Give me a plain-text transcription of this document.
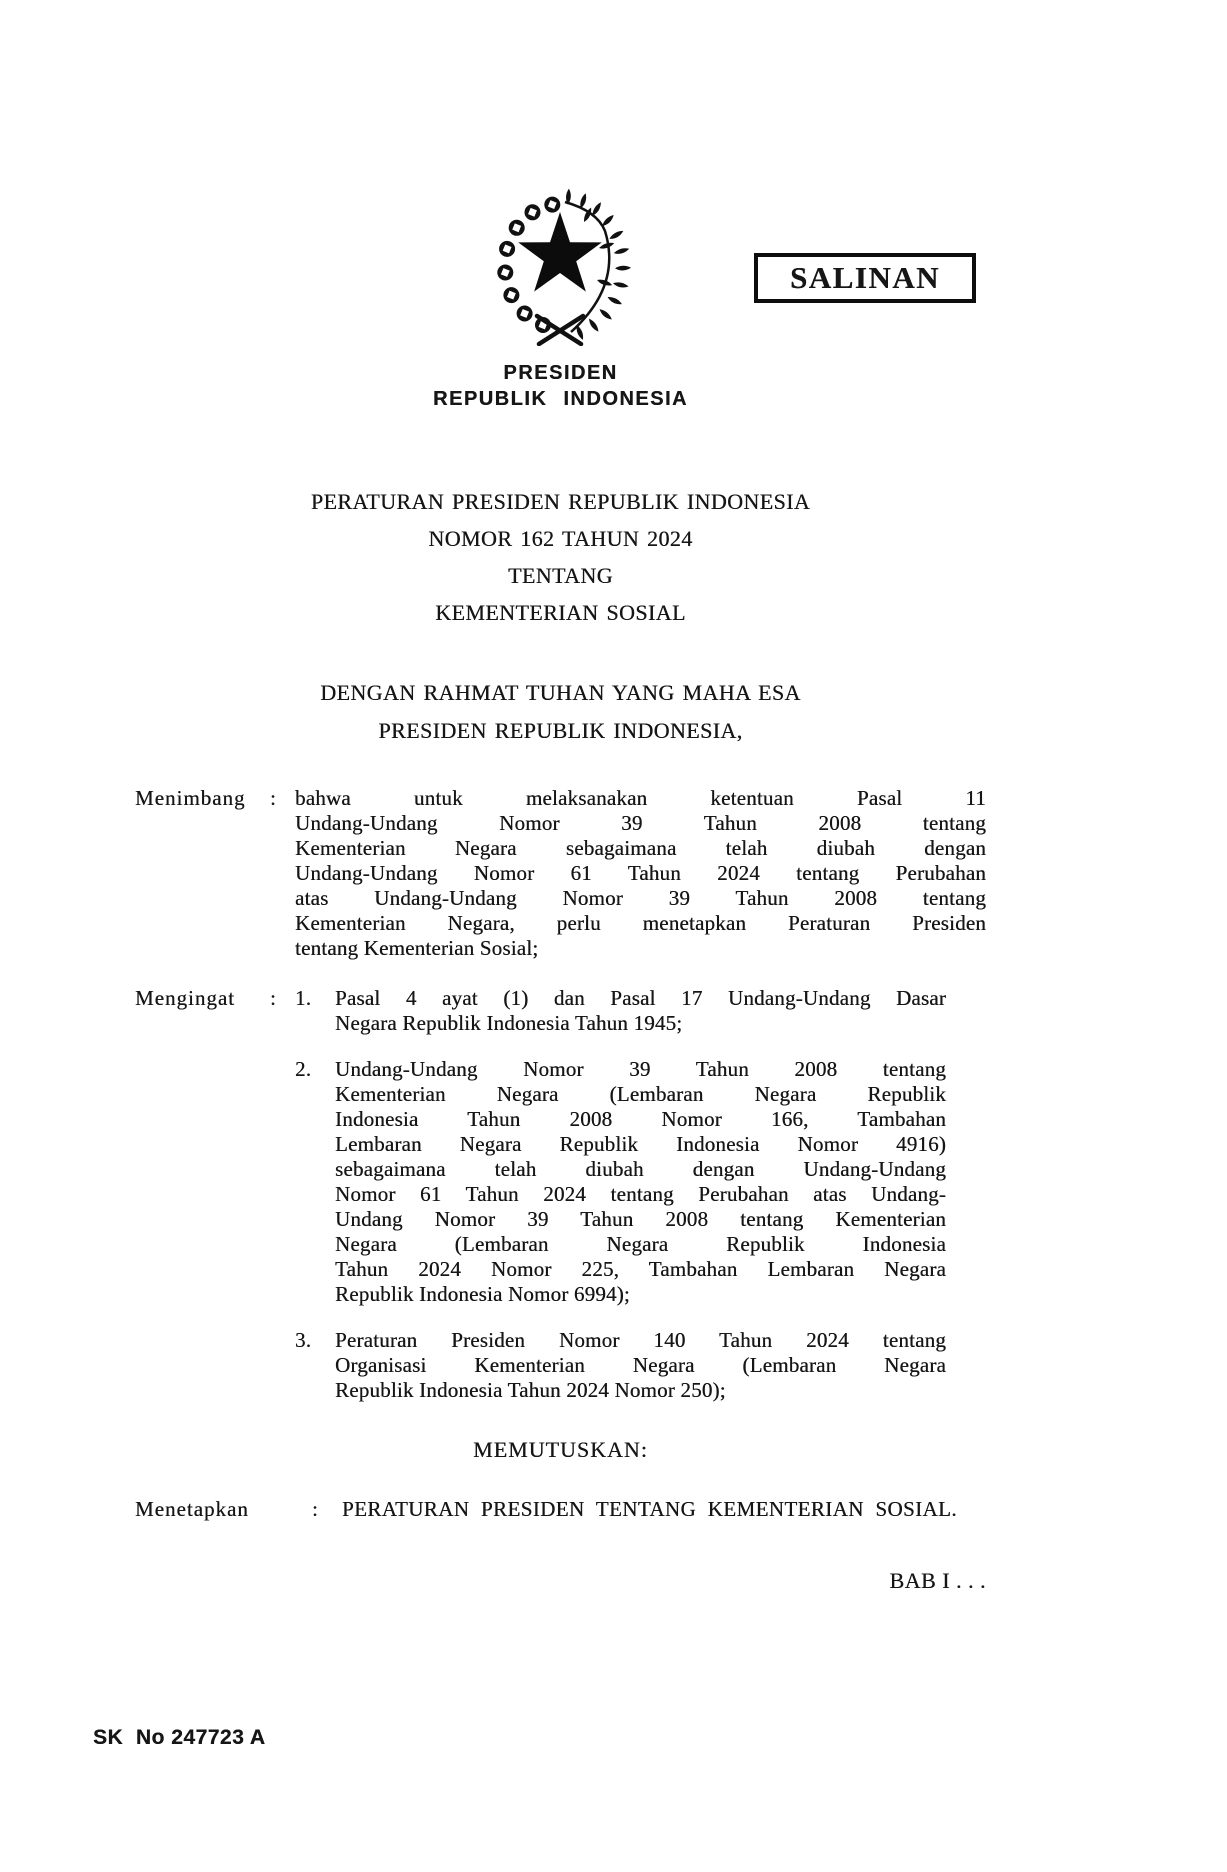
SALINAN
PRESIDEN
REPUBLIK INDONESIA
PERATURAN PRESIDEN REPUBLIK INDONESIA
NOMOR 162 TAHUN 2024
TENTANG
KEMENTERIAN SOSIAL
DENGAN RAHMAT TUHAN YANG MAHA ESA
PRESIDEN REPUBLIK INDONESIA,
Menimbang	: bahwa untuk melaksanakan ketentuan Pasal 11
Undang-Undang Nomor 39 Tahun 2008 tentang
Kementerian Negara sebagaimana telah diubah dengan
Undang-Undang Nomor 61 Tahun 2024 tentang Perubahan
atas Undang-Undang Nomor 39 Tahun 2008 tentang
Kementerian Negara, perlu menetapkan Peraturan Presiden
tentang Kementerian Sosial;
Mengingat	: 1.	Pasal 4 ayat (1) dan Pasal 17 Undang-Undang Dasar
Negara Republik Indonesia Tahun 1945;
2.	Undang-Undang Nomor 39 Tahun 2008 tentang
Kementerian Negara (Lembaran Negara Republik
Indonesia Tahun 2008 Nomor 166, Tambahan
Lembaran Negara Republik Indonesia Nomor 4916)
sebagaimana telah diubah dengan Undang-Undang
Nomor 61 Tahun 2024 tentang Perubahan atas Undang-
Undang Nomor 39 Tahun 2008 tentang Kementerian
Negara (Lembaran Negara Republik Indonesia
Tahun 2024 Nomor 225, Tambahan Lembaran Negara
Republik Indonesia Nomor 6994);
3.	Peraturan Presiden Nomor 140 Tahun 2024 tentang
Organisasi Kementerian Negara (Lembaran Negara
Republik Indonesia Tahun 2024 Nomor 250);
MEMUTUSKAN:
Menetapkan	:	PERATURAN PRESIDEN TENTANG KEMENTERIAN SOSIAL.
BAB I . . .
SK  No 247723 A
